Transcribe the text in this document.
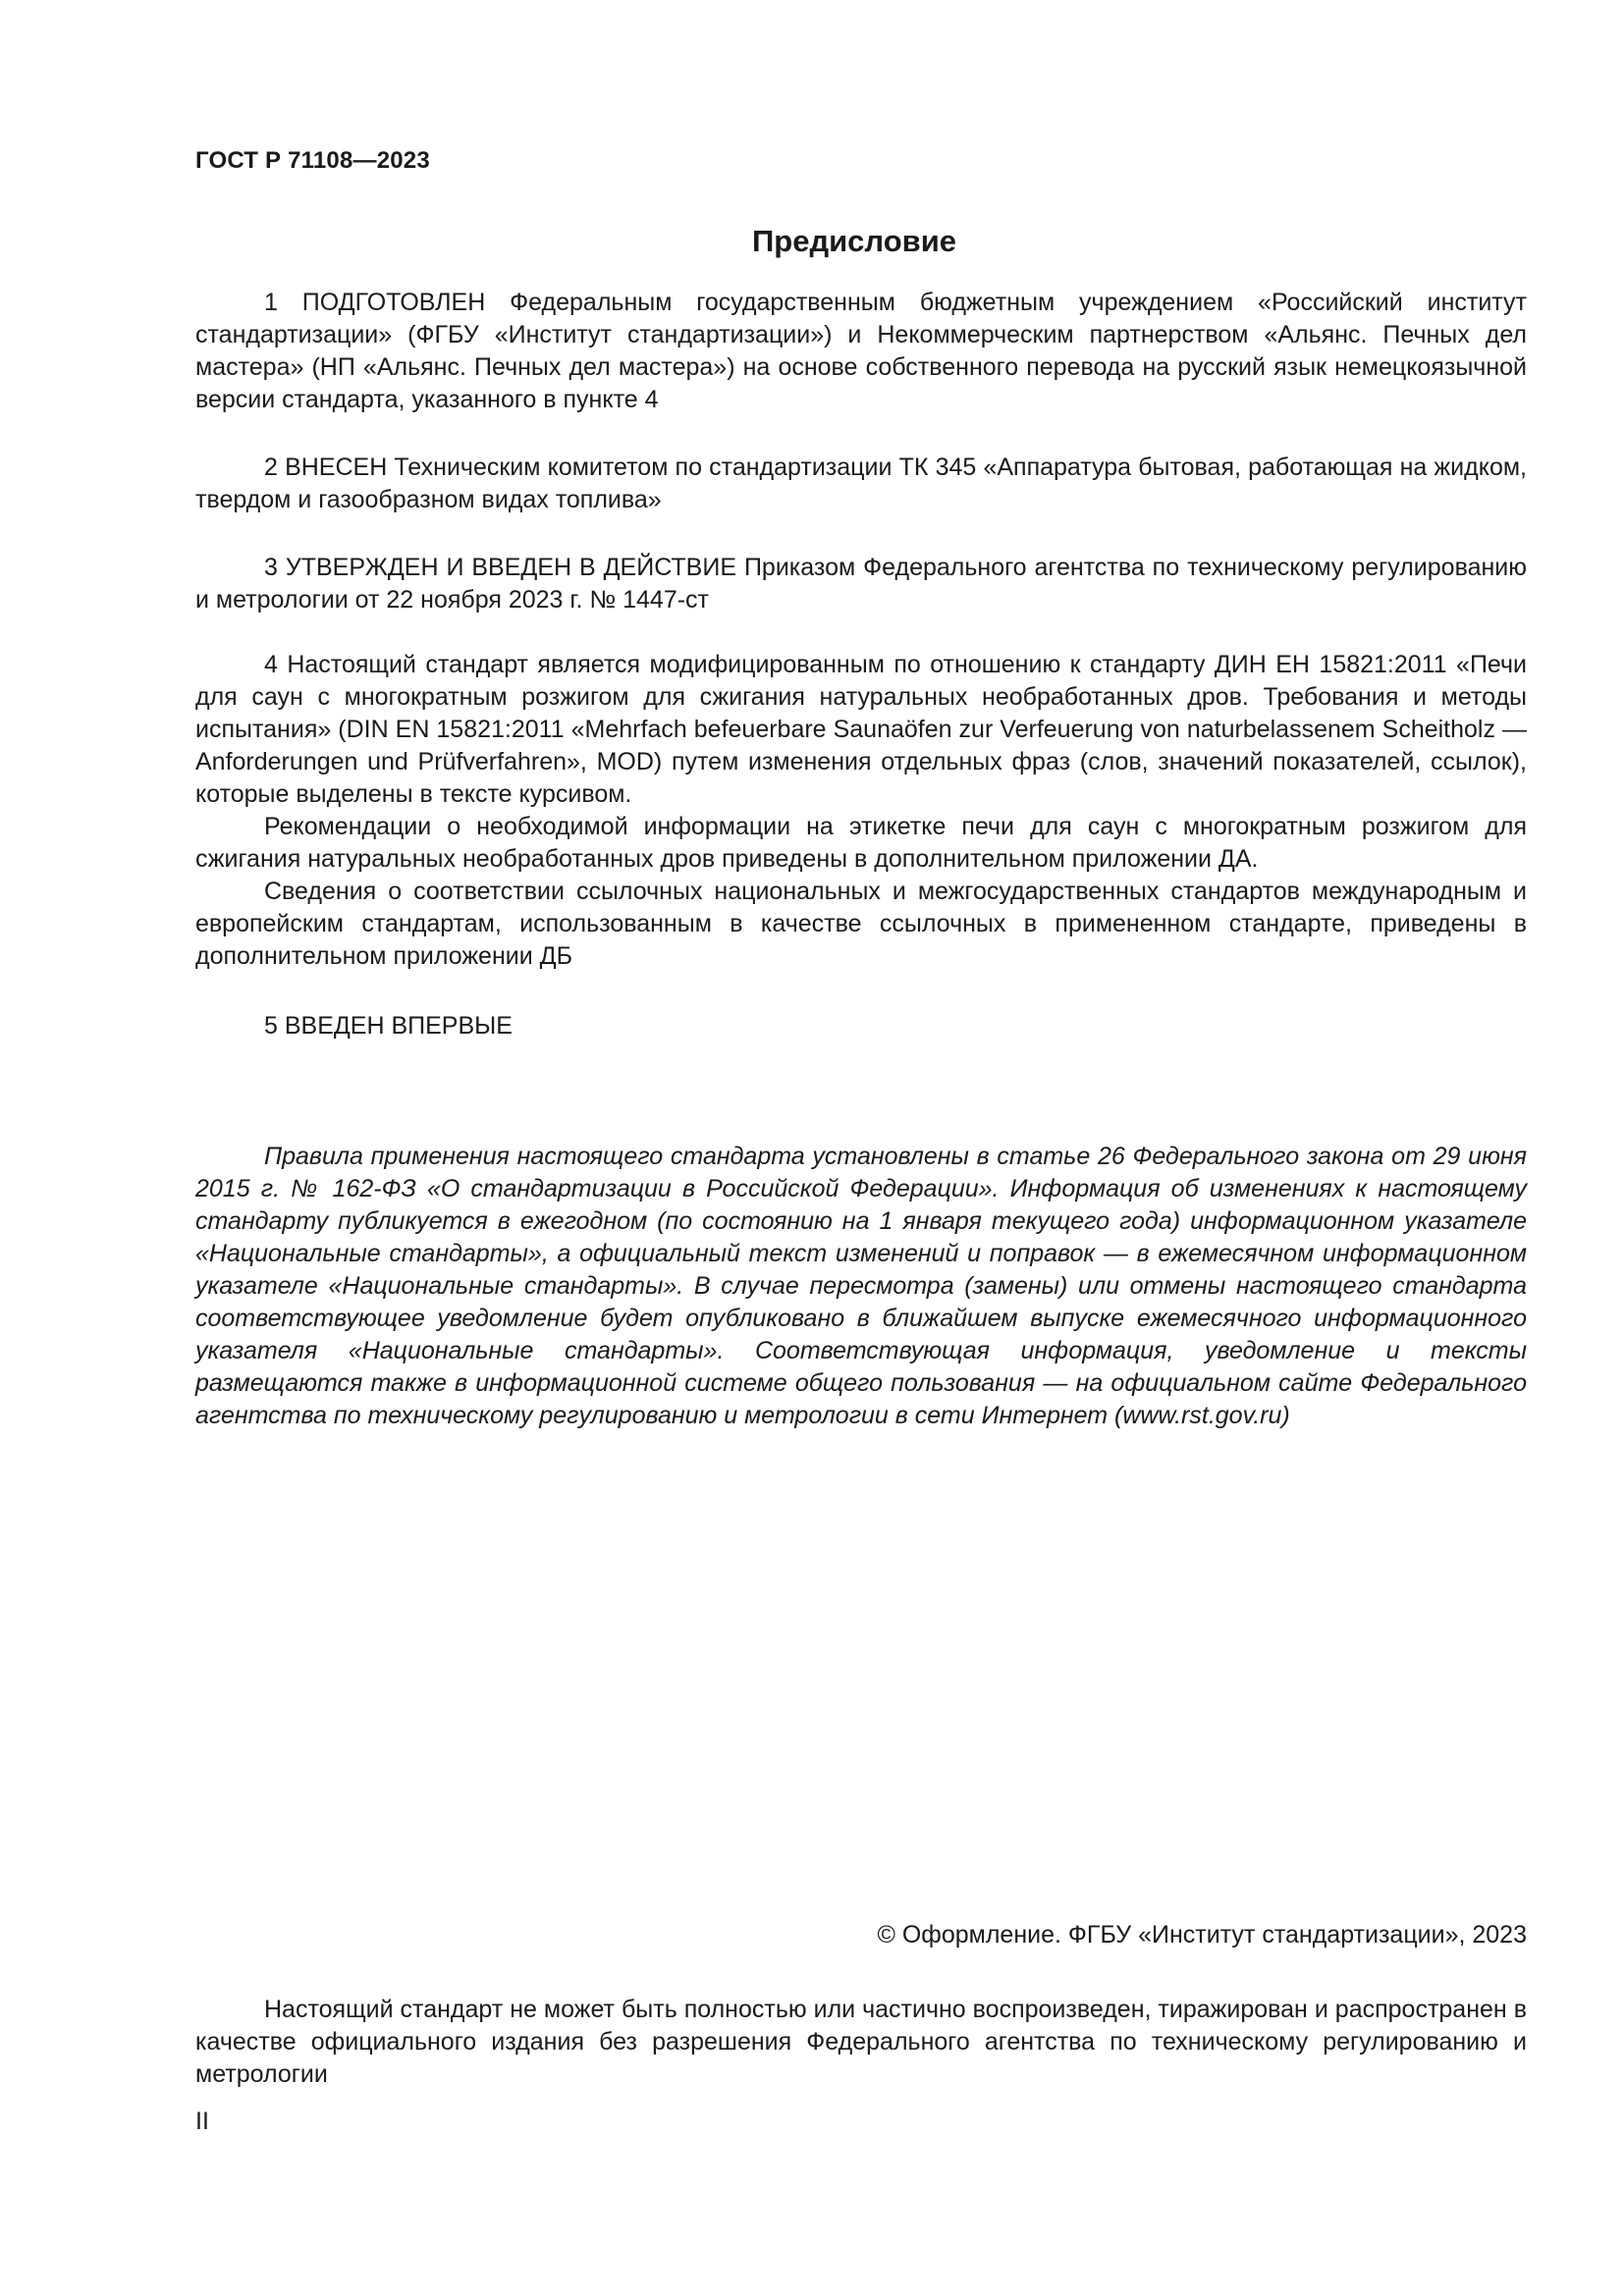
ГОСТ Р 71108—2023
Предисловие

1 ПОДГОТОВЛЕН Федеральным государственным бюджетным учреждением «Российский институт стандартизации» (ФГБУ «Институт стандартизации») и Некоммерческим партнерством «Альянс. Печных дел мастера» (НП «Альянс. Печных дел мастера») на основе собственного перевода на русский язык немецкоязычной версии стандарта, указанного в пункте 4

2 ВНЕСЕН Техническим комитетом по стандартизации ТК 345 «Аппаратура бытовая, работающая на жидком, твердом и газообразном видах топлива»

3 УТВЕРЖДЕН И ВВЕДЕН В ДЕЙСТВИЕ Приказом Федерального агентства по техническому регулированию и метрологии от 22 ноября 2023 г. № 1447-ст

4 Настоящий стандарт является модифицированным по отношению к стандарту ДИН ЕН 15821:2011 «Печи для саун с многократным розжигом для сжигания натуральных необработанных дров. Требования и методы испытания» (DIN EN 15821:2011 «Mehrfach befeuerbare Saunaöfen zur Verfeuerung von naturbelassenem Scheitholz — Anforderungen und Prüfverfahren», MOD) путем изменения отдельных фраз (слов, значений показателей, ссылок), которые выделены в тексте курсивом.

Рекомендации о необходимой информации на этикетке печи для саун с многократным розжигом для сжигания натуральных необработанных дров приведены в дополнительном приложении ДА.

Сведения о соответствии ссылочных национальных и межгосударственных стандартов международным и европейским стандартам, использованным в качестве ссылочных в примененном стандарте, приведены в дополнительном приложении ДБ

5 ВВЕДЕН ВПЕРВЫЕ

Правила применения настоящего стандарта установлены в статье 26 Федерального закона от 29 июня 2015 г. № 162-ФЗ «О стандартизации в Российской Федерации». Информация об изменениях к настоящему стандарту публикуется в ежегодном (по состоянию на 1 января текущего года) информационном указателе «Национальные стандарты», а официальный текст изменений и поправок — в ежемесячном информационном указателе «Национальные стандарты». В случае пересмотра (замены) или отмены настоящего стандарта соответствующее уведомление будет опубликовано в ближайшем выпуске ежемесячного информационного указателя «Национальные стандарты». Соответствующая информация, уведомление и тексты размещаются также в информационной системе общего пользования — на официальном сайте Федерального агентства по техническому регулированию и метрологии в сети Интернет (www.rst.gov.ru)

© Оформление. ФГБУ «Институт стандартизации», 2023

Настоящий стандарт не может быть полностью или частично воспроизведен, тиражирован и распространен в качестве официального издания без разрешения Федерального агентства по техническому регулированию и метрологии

II
